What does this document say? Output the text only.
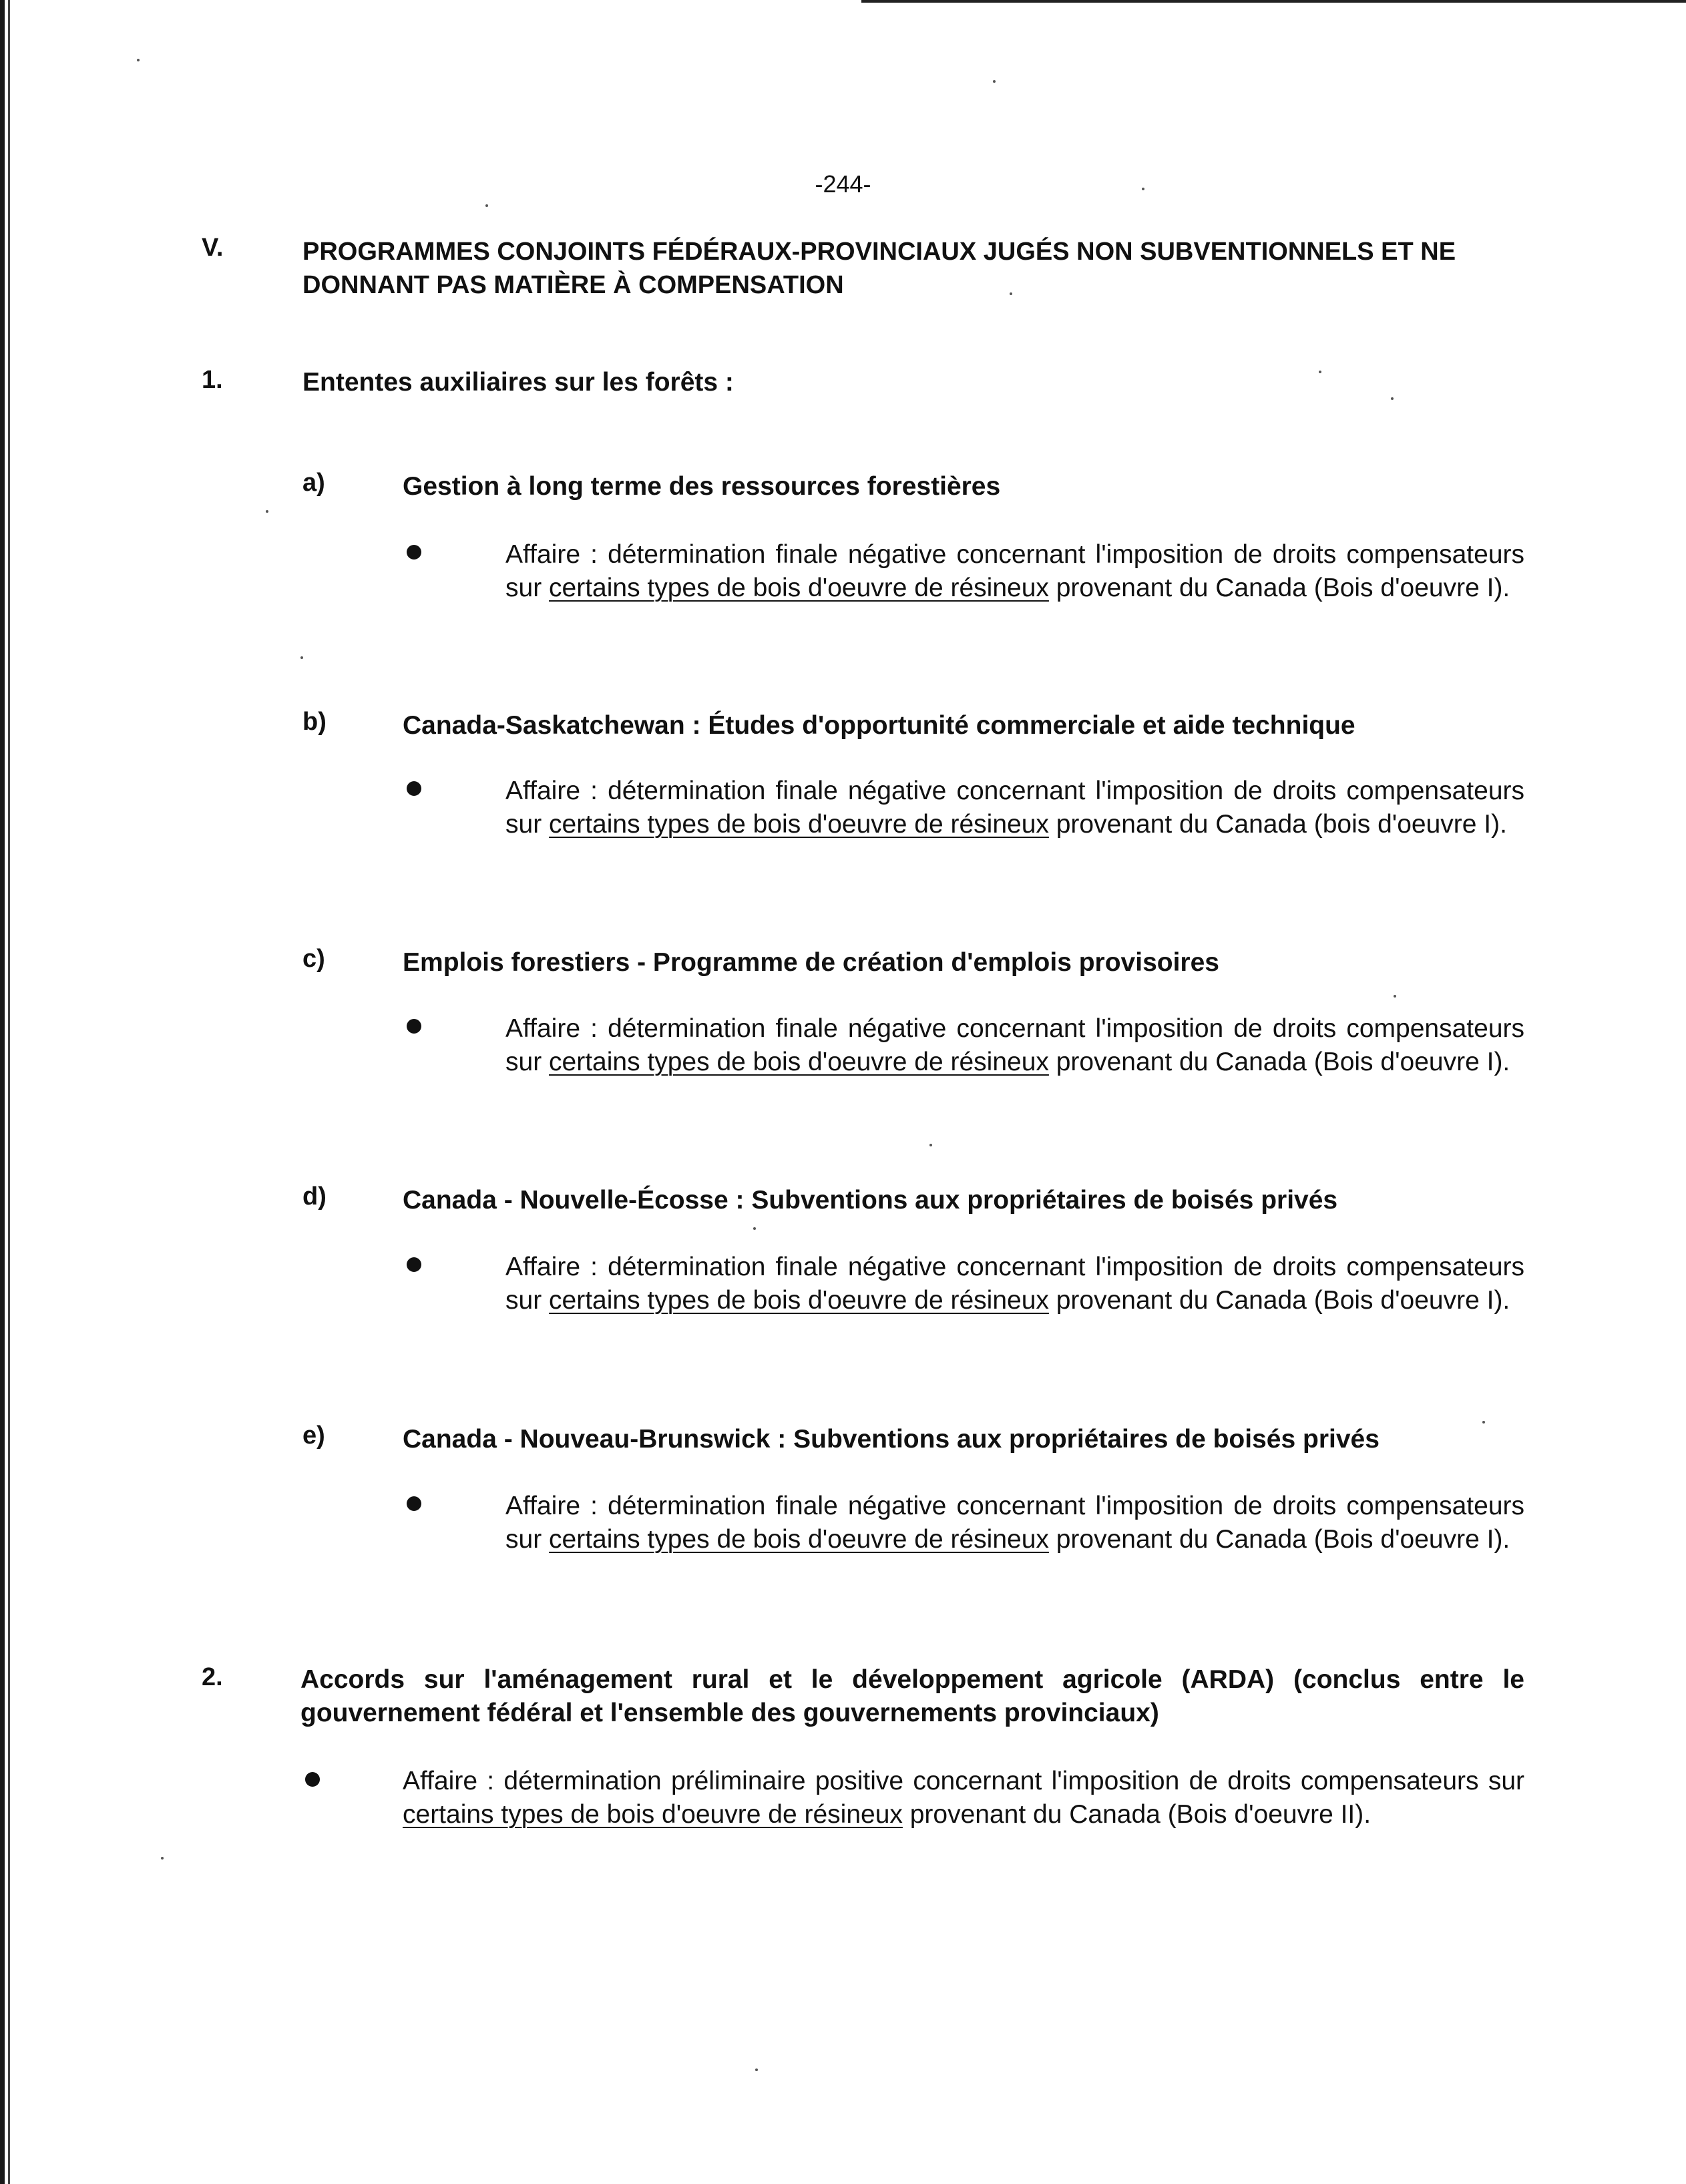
-244-
V.	PROGRAMMES CONJOINTS FÉDÉRAUX-PROVINCIAUX JUGÉS NON SUBVENTIONNELS ET NE DONNANT PAS MATIÈRE À COMPENSATION
1.	Ententes auxiliaires sur les forêts :
a)	Gestion à long terme des ressources forestières
Affaire : détermination finale négative concernant l'imposition de droits compensateurs sur certains types de bois d'oeuvre de résineux provenant du Canada (Bois d'oeuvre I).
b)	Canada-Saskatchewan : Études d'opportunité commerciale et aide technique
Affaire : détermination finale négative concernant l'imposition de droits compensateurs sur certains types de bois d'oeuvre de résineux provenant du Canada (bois d'oeuvre I).
c)	Emplois forestiers - Programme de création d'emplois provisoires
Affaire : détermination finale négative concernant l'imposition de droits compensateurs sur certains types de bois d'oeuvre de résineux provenant du Canada (Bois d'oeuvre I).
d)	Canada - Nouvelle-Écosse : Subventions aux propriétaires de boisés privés
Affaire : détermination finale négative concernant l'imposition de droits compensateurs sur certains types de bois d'oeuvre de résineux provenant du Canada (Bois d'oeuvre I).
e)	Canada - Nouveau-Brunswick : Subventions aux propriétaires de boisés privés
Affaire : détermination finale négative concernant l'imposition de droits compensateurs sur certains types de bois d'oeuvre de résineux provenant du Canada (Bois d'oeuvre I).
2.	Accords sur l'aménagement rural et le développement agricole (ARDA) (conclus entre le gouvernement fédéral et l'ensemble des gouvernements provinciaux)
Affaire : détermination préliminaire positive concernant l'imposition de droits compensateurs sur certains types de bois d'oeuvre de résineux provenant du Canada (Bois d'oeuvre II).
